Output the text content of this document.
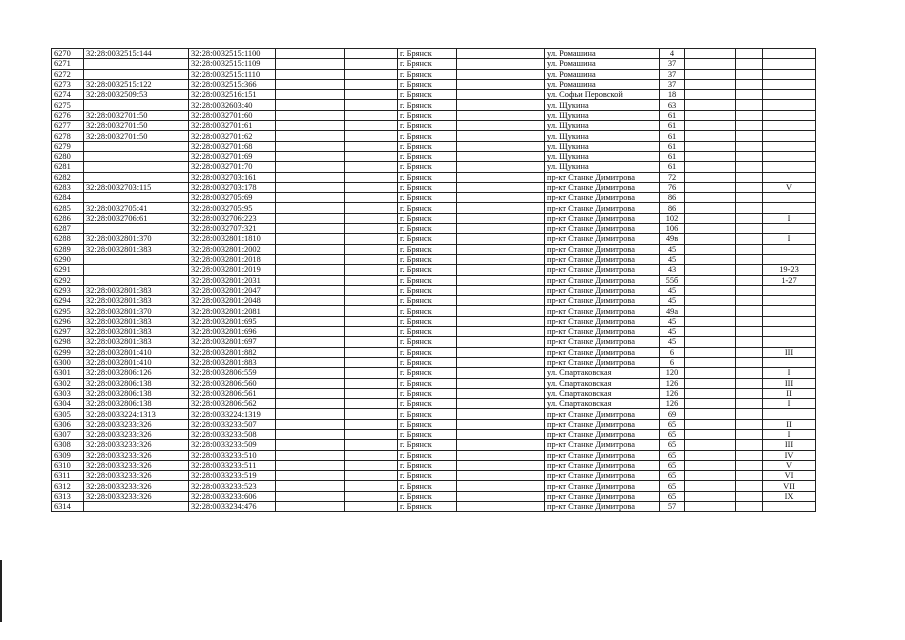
6270	32:28:0032515:144	32:28:0032515:1100			г. Брянск		ул. Ромашина	4			
6271		32:28:0032515:1109			г. Брянск		ул. Ромашина	37			
6272		32:28:0032515:1110			г. Брянск		ул. Ромашина	37			
6273	32:28:0032515:122	32:28:0032515:366			г. Брянск		ул. Ромашина	37			
6274	32:28:0032509:53	32:28:0032516:151			г. Брянск		ул. Софьи Перовской	18			
6275		32:28:0032603:40			г. Брянск		ул. Щукина	63			
6276	32:28:0032701:50	32:28:0032701:60			г. Брянск		ул. Щукина	61			
6277	32:28:0032701:50	32:28:0032701:61			г. Брянск		ул. Щукина	61			
6278	32:28:0032701:50	32:28:0032701:62			г. Брянск		ул. Щукина	61			
6279		32:28:0032701:68			г. Брянск		ул. Щукина	61			
6280		32:28:0032701:69			г. Брянск		ул. Щукина	61			
6281		32:28:0032701:70			г. Брянск		ул. Щукина	61			
6282		32:28:0032703:161			г. Брянск		пр-кт Станке Димитрова	72			
6283	32:28:0032703:115	32:28:0032703:178			г. Брянск		пр-кт Станке Димитрова	76			V
6284		32:28:0032705:69			г. Брянск		пр-кт Станке Димитрова	86			
6285	32:28:0032705:41	32:28:0032705:95			г. Брянск		пр-кт Станке Димитрова	86			
6286	32:28:0032706:61	32:28:0032706:223			г. Брянск		пр-кт Станке Димитрова	102			I
6287		32:28:0032707:321			г. Брянск		пр-кт Станке Димитрова	106			
6288	32:28:0032801:370	32:28:0032801:1810			г. Брянск		пр-кт Станке Димитрова	49в			I
6289	32:28:0032801:383	32:28:0032801:2002			г. Брянск		пр-кт Станке Димитрова	45			
6290		32:28:0032801:2018			г. Брянск		пр-кт Станке Димитрова	45			
6291		32:28:0032801:2019			г. Брянск		пр-кт Станке Димитрова	43			19-23
6292		32:28:0032801:2031			г. Брянск		пр-кт Станке Димитрова	55б			1-27
6293	32:28:0032801:383	32:28:0032801:2047			г. Брянск		пр-кт Станке Димитрова	45			
6294	32:28:0032801:383	32:28:0032801:2048			г. Брянск		пр-кт Станке Димитрова	45			
6295	32:28:0032801:370	32:28:0032801:2081			г. Брянск		пр-кт Станке Димитрова	49а			
6296	32:28:0032801:383	32:28:0032801:695			г. Брянск		пр-кт Станке Димитрова	45			
6297	32:28:0032801:383	32:28:0032801:696			г. Брянск		пр-кт Станке Димитрова	45			
6298	32:28:0032801:383	32:28:0032801:697			г. Брянск		пр-кт Станке Димитрова	45			
6299	32:28:0032801:410	32:28:0032801:882			г. Брянск		пр-кт Станке Димитрова	6			III
6300	32:28:0032801:410	32:28:0032801:883			г. Брянск		пр-кт Станке Димитрова	6			
6301	32:28:0032806:126	32:28:0032806:559			г. Брянск		ул. Спартаковская	120			I
6302	32:28:0032806:138	32:28:0032806:560			г. Брянск		ул. Спартаковская	126			III
6303	32:28:0032806:138	32:28:0032806:561			г. Брянск		ул. Спартаковская	126			II
6304	32:28:0032806:138	32:28:0032806:562			г. Брянск		ул. Спартаковская	126			I
6305	32:28:0033224:1313	32:28:0033224:1319			г. Брянск		пр-кт Станке Димитрова	69			
6306	32:28:0033233:326	32:28:0033233:507			г. Брянск		пр-кт Станке Димитрова	65			II
6307	32:28:0033233:326	32:28:0033233:508			г. Брянск		пр-кт Станке Димитрова	65			I
6308	32:28:0033233:326	32:28:0033233:509			г. Брянск		пр-кт Станке Димитрова	65			III
6309	32:28:0033233:326	32:28:0033233:510			г. Брянск		пр-кт Станке Димитрова	65			IV
6310	32:28:0033233:326	32:28:0033233:511			г. Брянск		пр-кт Станке Димитрова	65			V
6311	32:28:0033233:326	32:28:0033233:519			г. Брянск		пр-кт Станке Димитрова	65			VI
6312	32:28:0033233:326	32:28:0033233:523			г. Брянск		пр-кт Станке Димитрова	65			VII
6313	32:28:0033233:326	32:28:0033233:606			г. Брянск		пр-кт Станке Димитрова	65			IX
6314		32:28:0033234:476			г. Брянск		пр-кт Станке Димитрова	57			
